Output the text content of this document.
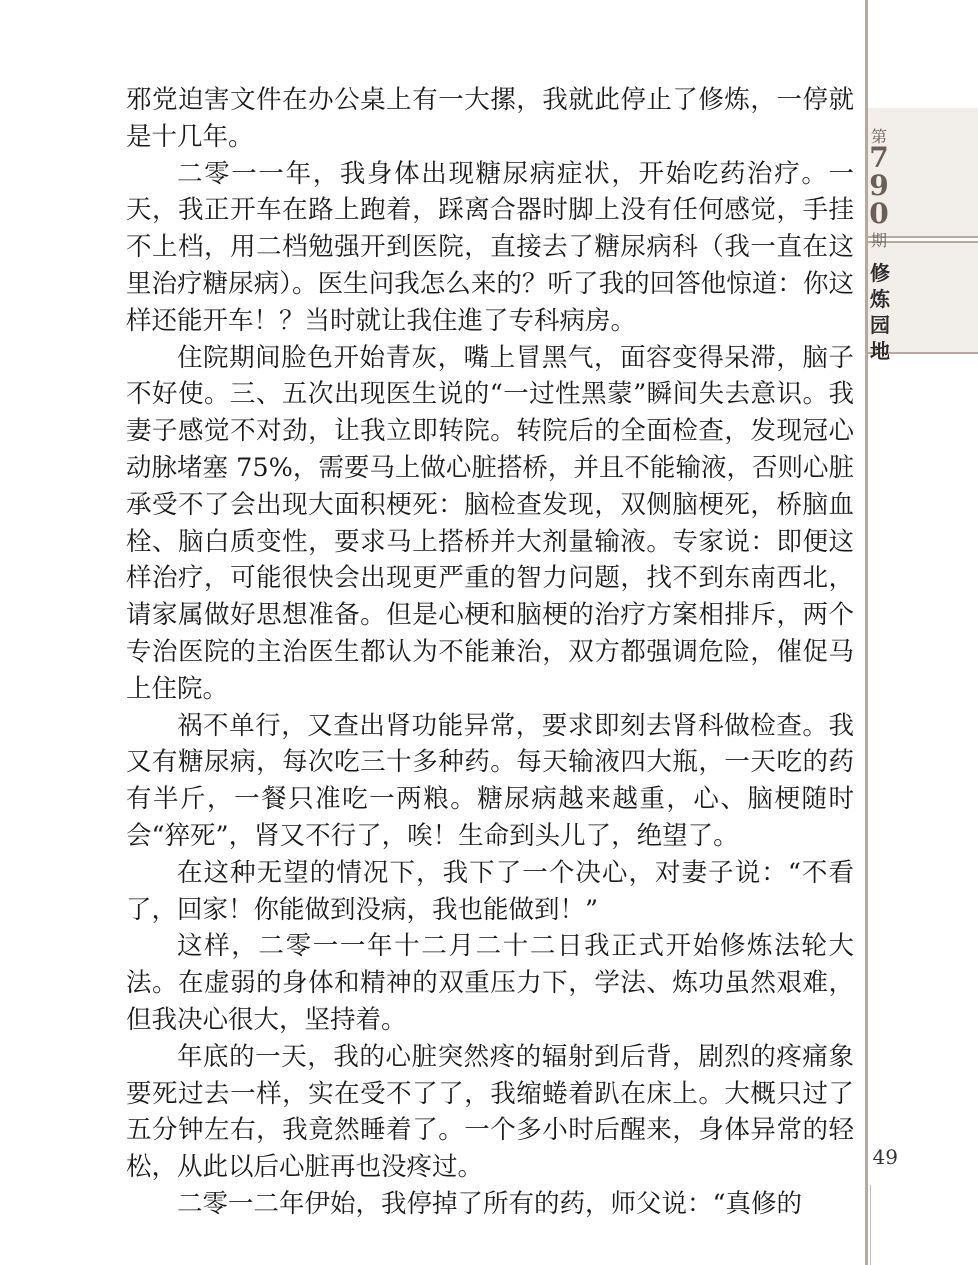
第
7
9
0
期
修
炼
园
地

邪党迫害文件在办公桌上有一大摞，我就此停止了修炼，一停就是十几年。

二零一一年，我身体出现糖尿病症状，开始吃药治疗。一天，我正开车在路上跑着，踩离合器时脚上没有任何感觉，手挂不上档，用二档勉强开到医院，直接去了糖尿病科（我一直在这里治疗糖尿病）。医生问我怎么来的？听了我的回答他惊道：你这样还能开车！？当时就让我住進了专科病房。

住院期间脸色开始青灰，嘴上冒黑气，面容变得呆滞，脑子不好使。三、五次出现医生说的“一过性黑蒙”瞬间失去意识。我妻子感觉不对劲，让我立即转院。转院后的全面检查，发现冠心动脉堵塞 75%，需要马上做心脏搭桥，并且不能输液，否则心脏承受不了会出现大面积梗死：脑检查发现，双侧脑梗死，桥脑血栓、脑白质变性，要求马上搭桥并大剂量输液。专家说：即便这样治疗，可能很快会出现更严重的智力问题，找不到东南西北，请家属做好思想准备。但是心梗和脑梗的治疗方案相排斥，两个专治医院的主治医生都认为不能兼治，双方都强调危险，催促马上住院。

祸不单行，又查出肾功能异常，要求即刻去肾科做检查。我又有糖尿病，每次吃三十多种药。每天输液四大瓶，一天吃的药有半斤，一餐只准吃一两粮。糖尿病越来越重，心、脑梗随时会“猝死”，肾又不行了，唉！生命到头儿了，绝望了。

在这种无望的情况下，我下了一个决心，对妻子说：“不看了，回家！你能做到没病，我也能做到！”

这样，二零一一年十二月二十二日我正式开始修炼法轮大法。在虚弱的身体和精神的双重压力下，学法、炼功虽然艰难，但我决心很大，坚持着。

年底的一天，我的心脏突然疼的辐射到后背，剧烈的疼痛象要死过去一样，实在受不了了，我缩蜷着趴在床上。大概只过了五分钟左右，我竟然睡着了。一个多小时后醒来，身体异常的轻松，从此以后心脏再也没疼过。

二零一二年伊始，我停掉了所有的药，师父说：“真修的

49
